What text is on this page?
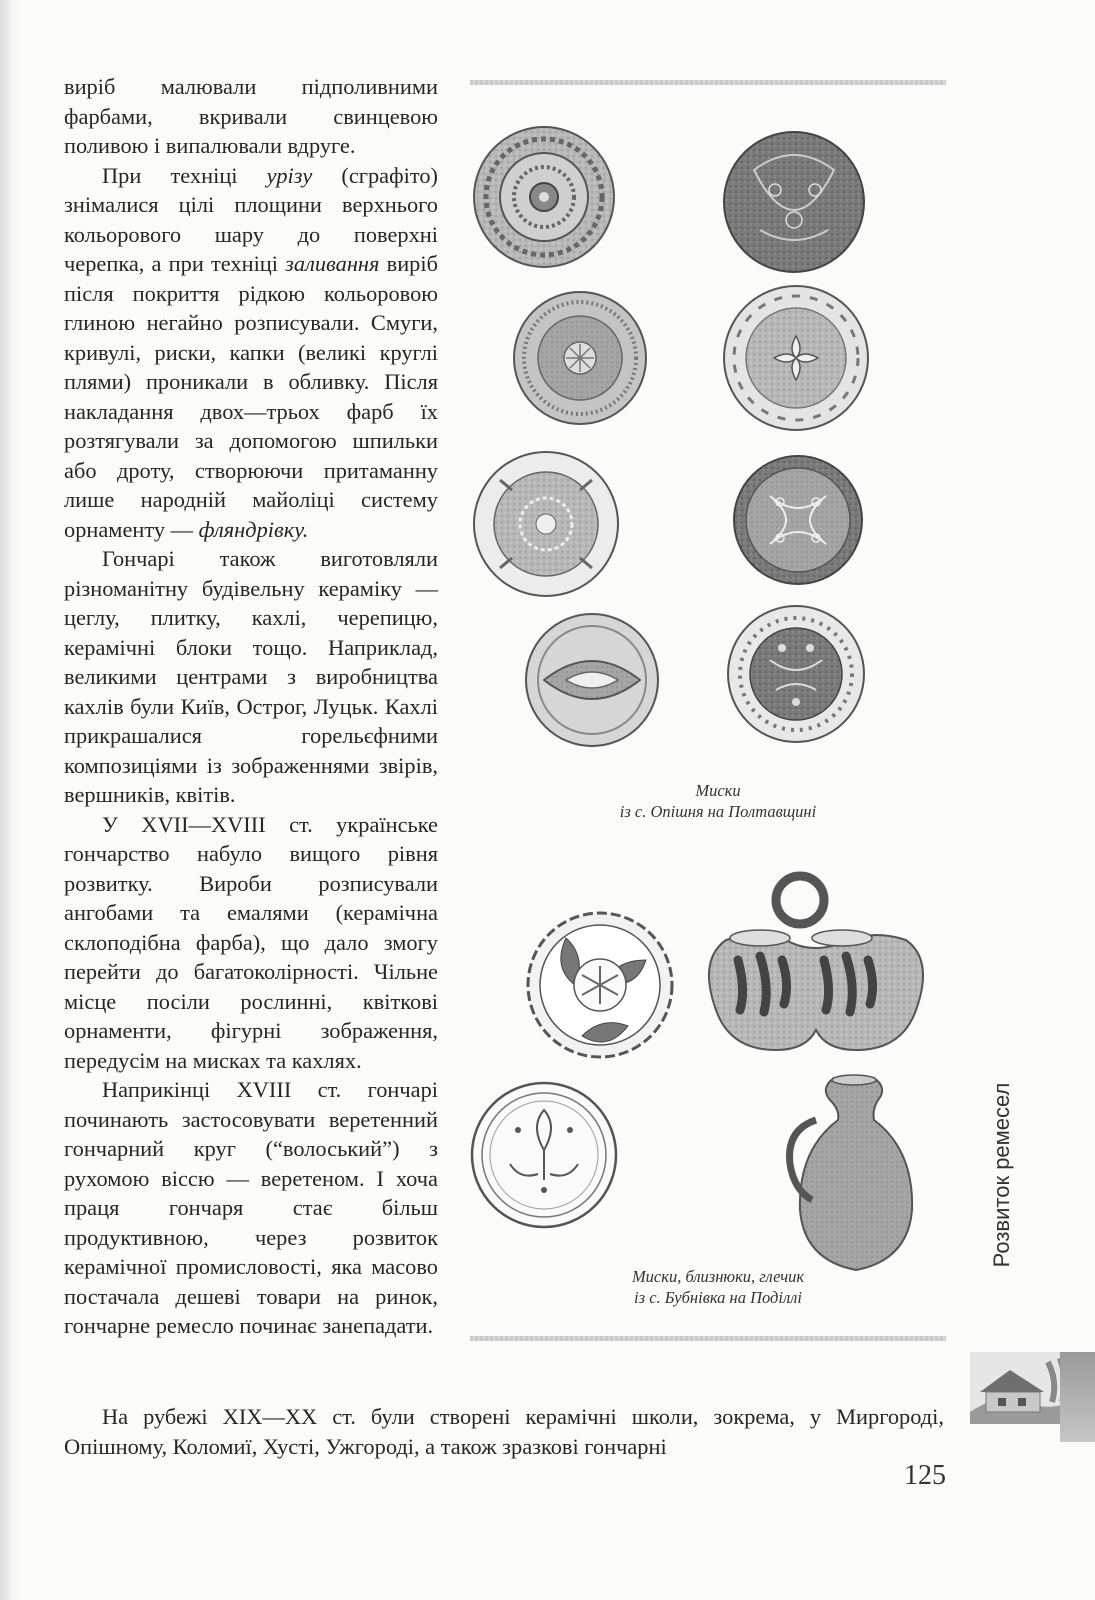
виріб малювали підполивними фарбами, вкривали свинцевою поливою і випалювали вдруге.

При техніці урізу (сграфіто) знімалися цілі площини верхнього кольорового шару до поверхні черепка, а при техніці заливання виріб після покриття рідкою кольоровою глиною негайно розписували. Смуги, кривулі, риски, капки (великі круглі плями) проникали в обливку. Після накладання двох—трьох фарб їх розтягували за допомогою шпильки або дроту, створюючи притаманну лише народній майоліці систему орнаменту — фляндрівку.

Гончарі також виготовляли різноманітну будівельну кераміку — цеглу, плитку, кахлі, черепицю, керамічні блоки тощо. Наприклад, великими центрами з виробництва кахлів були Київ, Острог, Луцьк. Кахлі прикрашалися горельєфними композиціями із зображеннями звірів, вершників, квітів.

У XVII—XVIII ст. українське гончарство набуло вищого рівня розвитку. Вироби розписували ангобами та емалями (керамічна склоподібна фарба), що дало змогу перейти до багатоколірності. Чільне місце посіли рослинні, квіткові орнаменти, фігурні зображення, передусім на мисках та кахлях.

Наприкінці XVIII ст. гончарі починають застосовувати веретенний гончарний круг (“волоський”) з рухомою віссю — веретеном. І хоча праця гончаря стає більш продуктивною, через розвиток керамічної промисловості, яка масово постачала дешеві товари на ринок, гончарне ремесло починає занепадати.

Миски
із с. Опішня на Полтавщині
Миски, близнюки, глечик
із с. Бубнівка на Поділлі

На рубежі XIX—XX ст. були створені керамічні школи, зокрема, у Миргороді, Опішному, Коломиї, Хусті, Ужгороді, а також зразкові гончарні

Розвиток ремесел
125
